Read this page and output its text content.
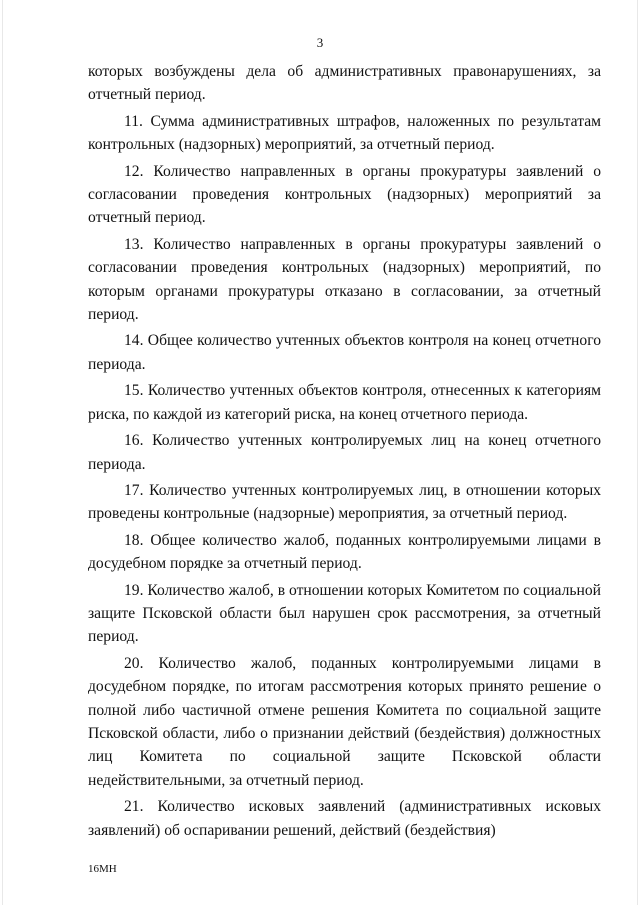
3

которых возбуждены дела об административных правонарушениях, за отчетный период.

11. Сумма административных штрафов, наложенных по результатам контрольных (надзорных) мероприятий, за отчетный период.

12. Количество направленных в органы прокуратуры заявлений о согласовании проведения контрольных (надзорных) мероприятий за отчетный период.

13. Количество направленных в органы прокуратуры заявлений о согласовании проведения контрольных (надзорных) мероприятий, по которым органами прокуратуры отказано в согласовании, за отчетный период.

14. Общее количество учтенных объектов контроля на конец отчетного периода.

15. Количество учтенных объектов контроля, отнесенных к категориям риска, по каждой из категорий риска, на конец отчетного периода.

16. Количество учтенных контролируемых лиц на конец отчетного периода.

17. Количество учтенных контролируемых лиц, в отношении которых проведены контрольные (надзорные) мероприятия, за отчетный период.

18. Общее количество жалоб, поданных контролируемыми лицами в досудебном порядке за отчетный период.

19. Количество жалоб, в отношении которых Комитетом по социальной защите Псковской области был нарушен срок рассмотрения, за отчетный период.

20. Количество жалоб, поданных контролируемыми лицами в досудебном порядке, по итогам рассмотрения которых принято решение о полной либо частичной отмене решения Комитета по социальной защите Псковской области, либо о признании действий (бездействия) должностных лиц Комитета по социальной защите Псковской области недействительными, за отчетный период.

21. Количество исковых заявлений (административных исковых заявлений) об оспаривании решений, действий (бездействия)

16МН
